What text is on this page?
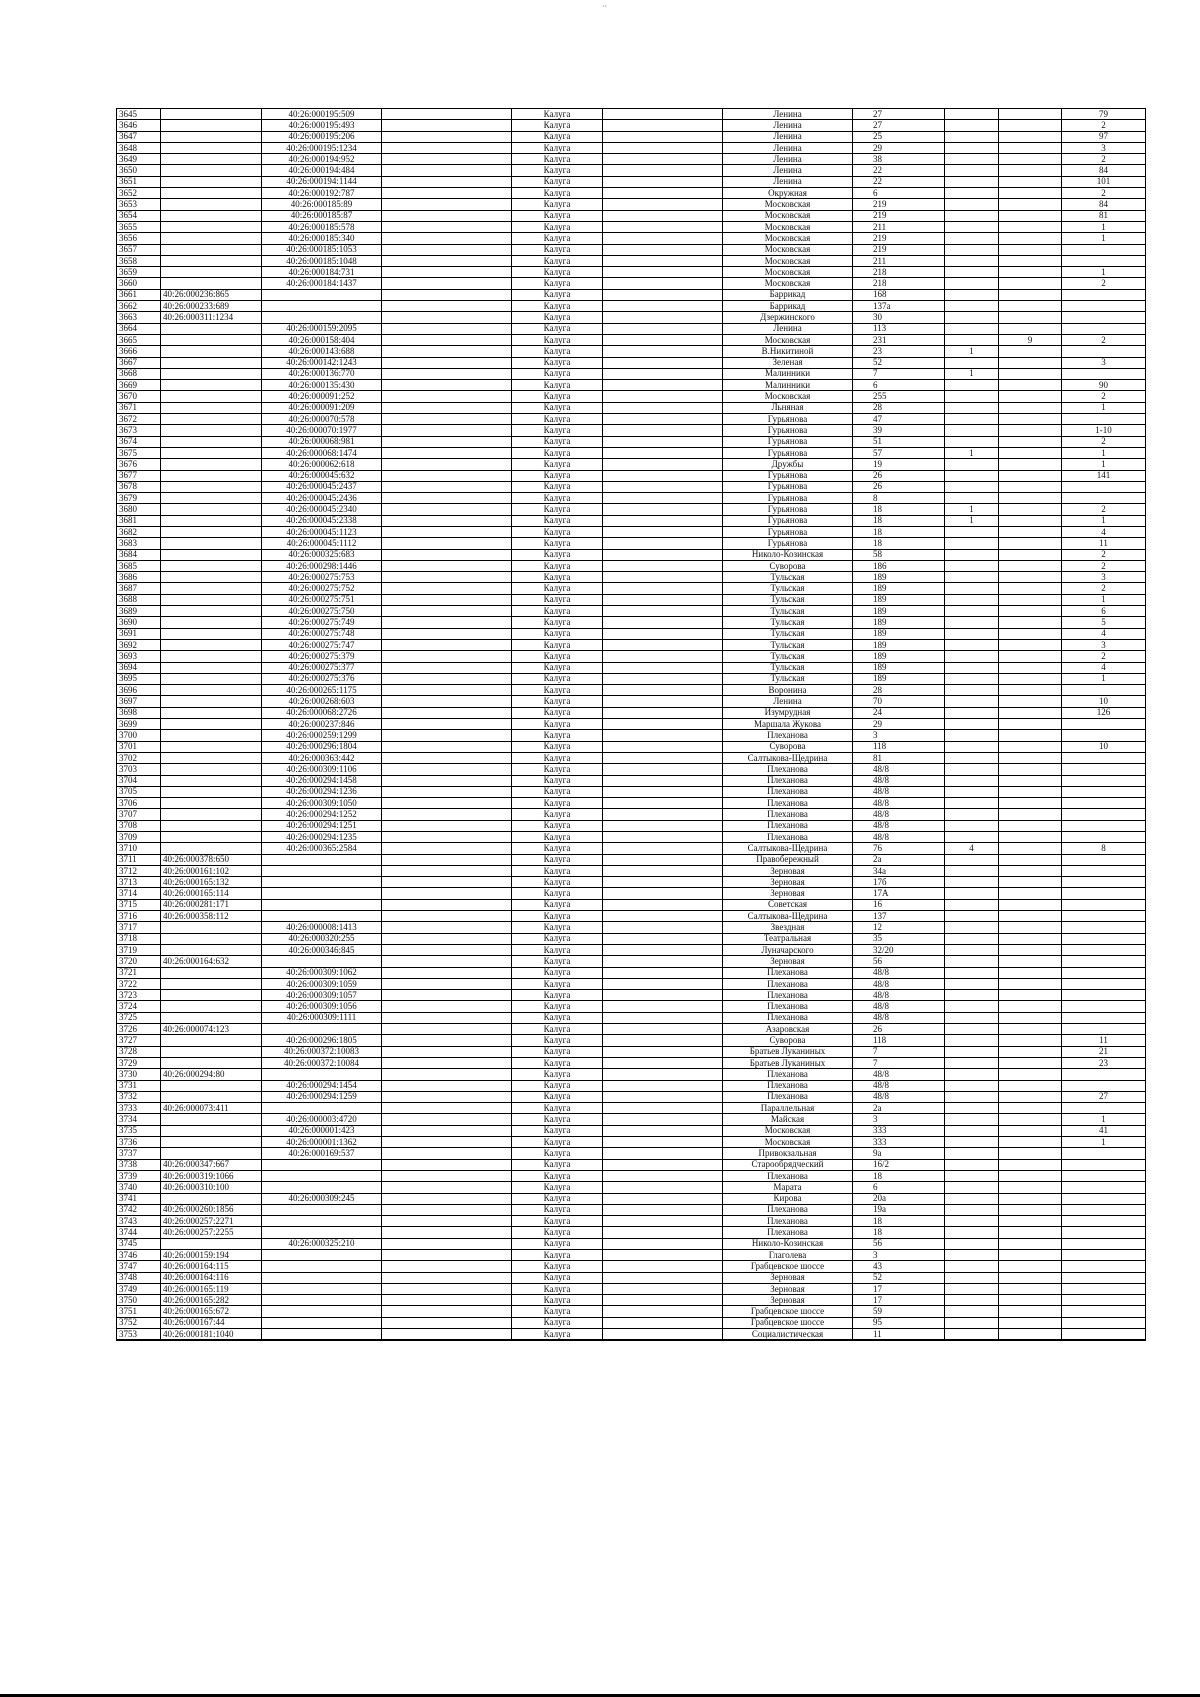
··
3645		40:26:000195:509		Калуга		Ленина	27			79
3646		40:26:000195:493		Калуга		Ленина	27			2
3647		40:26:000195:206		Калуга		Ленина	25			97
3648		40:26:000195:1234		Калуга		Ленина	29			3
3649		40:26:000194:952		Калуга		Ленина	38			2
3650		40:26:000194:484		Калуга		Ленина	22			84
3651		40:26:000194:1144		Калуга		Ленина	22			101
3652		40:26:000192:787		Калуга		Окружная	6			2
3653		40:26:000185:89		Калуга		Московская	219			84
3654		40:26:000185:87		Калуга		Московская	219			81
3655		40:26:000185:578		Калуга		Московская	211			1
3656		40:26:000185:340		Калуга		Московская	219			1
3657		40:26:000185:1053		Калуга		Московская	219			
3658		40:26:000185:1048		Калуга		Московская	211			
3659		40:26:000184:731		Калуга		Московская	218			1
3660		40:26:000184:1437		Калуга		Московская	218			2
3661	40:26:000236:865			Калуга		Баррикад	168			
3662	40:26:000233:689			Калуга		Баррикад	137а			
3663	40:26:000311:1234			Калуга		Дзержинского	30			
3664		40:26:000159:2095		Калуга		Ленина	113			
3665		40:26:000158:404		Калуга		Московская	231		9	2
3666		40:26:000143:688		Калуга		В.Никитиной	23	1		
3667		40:26:000142:1243		Калуга		Зеленая	52			3
3668		40:26:000136:770		Калуга		Малинники	7	1		
3669		40:26:000135:430		Калуга		Малинники	6			90
3670		40:26:000091:252		Калуга		Московская	255			2
3671		40:26:000091:209		Калуга		Льняная	28			1
3672		40:26:000070:578		Калуга		Гурьянова	47			
3673		40:26:000070:1977		Калуга		Гурьянова	39			1-10
3674		40:26:000068:981		Калуга		Гурьянова	51			2
3675		40:26:000068:1474		Калуга		Гурьянова	57	1		1
3676		40:26:000062:618		Калуга		Дружбы	19			1
3677		40:26:000045:632		Калуга		Гурьянова	26			141
3678		40:26:000045:2437		Калуга		Гурьянова	26			
3679		40:26:000045:2436		Калуга		Гурьянова	8			
3680		40:26:000045:2340		Калуга		Гурьянова	18	1		2
3681		40:26:000045:2338		Калуга		Гурьянова	18	1		1
3682		40:26:000045:1123		Калуга		Гурьянова	18			4
3683		40:26:000045:1112		Калуга		Гурьянова	18			11
3684		40:26:000325:683		Калуга		Николо-Козинская	58			2
3685		40:26:000298:1446		Калуга		Суворова	186			2
3686		40:26:000275:753		Калуга		Тульская	189			3
3687		40:26:000275:752		Калуга		Тульская	189			2
3688		40:26:000275:751		Калуга		Тульская	189			1
3689		40:26:000275:750		Калуга		Тульская	189			6
3690		40:26:000275:749		Калуга		Тульская	189			5
3691		40:26:000275:748		Калуга		Тульская	189			4
3692		40:26:000275:747		Калуга		Тульская	189			3
3693		40:26:000275:379		Калуга		Тульская	189			2
3694		40:26:000275:377		Калуга		Тульская	189			4
3695		40:26:000275:376		Калуга		Тульская	189			1
3696		40:26:000265:1175		Калуга		Воронина	28			
3697		40:26:000268:603		Калуга		Ленина	70			10
3698		40:26:000068:2726		Калуга		Изумрудная	24			126
3699		40:26:000237:846		Калуга		Маршала Жукова	29			
3700		40:26:000259:1299		Калуга		Плеханова	3			
3701		40:26:000296:1804		Калуга		Суворова	118			10
3702		40:26:000363:442		Калуга		Салтыкова-Щедрина	81			
3703		40:26:000309:1106		Калуга		Плеханова	48/8			
3704		40:26:000294:1458		Калуга		Плеханова	48/8			
3705		40:26:000294:1236		Калуга		Плеханова	48/8			
3706		40:26:000309:1050		Калуга		Плеханова	48/8			
3707		40:26:000294:1252		Калуга		Плеханова	48/8			
3708		40:26:000294:1251		Калуга		Плеханова	48/8			
3709		40:26:000294:1235		Калуга		Плеханова	48/8			
3710		40:26:000365:2584		Калуга		Салтыкова-Щедрина	76	4		8
3711	40:26:000378:650			Калуга		Правобережный	2а			
3712	40:26:000161:102			Калуга		Зерновая	34а			
3713	40:26:000165:132			Калуга		Зерновая	17б			
3714	40:26:000165:114			Калуга		Зерновая	17А			
3715	40:26:000281:171			Калуга		Советская	16			
3716	40:26:000358:112			Калуга		Салтыкова-Щедрина	137			
3717		40:26:000008:1413		Калуга		Звездная	12			
3718		40:26:000320:255		Калуга		Театральная	35			
3719		40:26:000346:845		Калуга		Луначарского	32/20			
3720	40:26:000164:632			Калуга		Зерновая	56			
3721		40:26:000309:1062		Калуга		Плеханова	48/8			
3722		40:26:000309:1059		Калуга		Плеханова	48/8			
3723		40:26:000309:1057		Калуга		Плеханова	48/8			
3724		40:26:000309:1056		Калуга		Плеханова	48/8			
3725		40:26:000309:1111		Калуга		Плеханова	48/8			
3726	40:26:000074:123			Калуга		Азаровская	26			
3727		40:26:000296:1805		Калуга		Суворова	118			11
3728		40:26:000372:10083		Калуга		Братьев Луканиных	7			21
3729		40:26:000372:10084		Калуга		Братьев Луканиных	7			23
3730	40:26:000294:80			Калуга		Плеханова	48/8			
3731		40:26:000294:1454		Калуга		Плеханова	48/8			
3732		40:26:000294:1259		Калуга		Плеханова	48/8			27
3733	40:26:000073:411			Калуга		Параллельная	2а			
3734		40:26:000003:4720		Калуга		Майская	3			1
3735		40:26:000001:423		Калуга		Московская	333			41
3736		40:26:000001:1362		Калуга		Московская	333			1
3737		40:26:000169:537		Калуга		Привокзальная	9а			
3738	40:26:000347:667			Калуга		Старообрядческий	16/2			
3739	40:26:000319:1066			Калуга		Плеханова	18			
3740	40:26:000310:100			Калуга		Марата	6			
3741		40:26:000309:245		Калуга		Кирова	20а			
3742	40:26:000260:1856			Калуга		Плеханова	19а			
3743	40:26:000257:2271			Калуга		Плеханова	18			
3744	40:26:000257:2255			Калуга		Плеханова	18			
3745		40:26:000325:210		Калуга		Николо-Козинская	56			
3746	40:26:000159:194			Калуга		Глаголева	3			
3747	40:26:000164:115			Калуга		Грабцевское шоссе	43			
3748	40:26:000164:116			Калуга		Зерновая	52			
3749	40:26:000165:119			Калуга		Зерновая	17			
3750	40:26:000165:282			Калуга		Зерновая	17			
3751	40:26:000165:672			Калуга		Грабцевское шоссе	59			
3752	40:26:000167:44			Калуга		Грабцевское шоссе	95			
3753	40:26:000181:1040			Калуга		Социалистическая	11			
